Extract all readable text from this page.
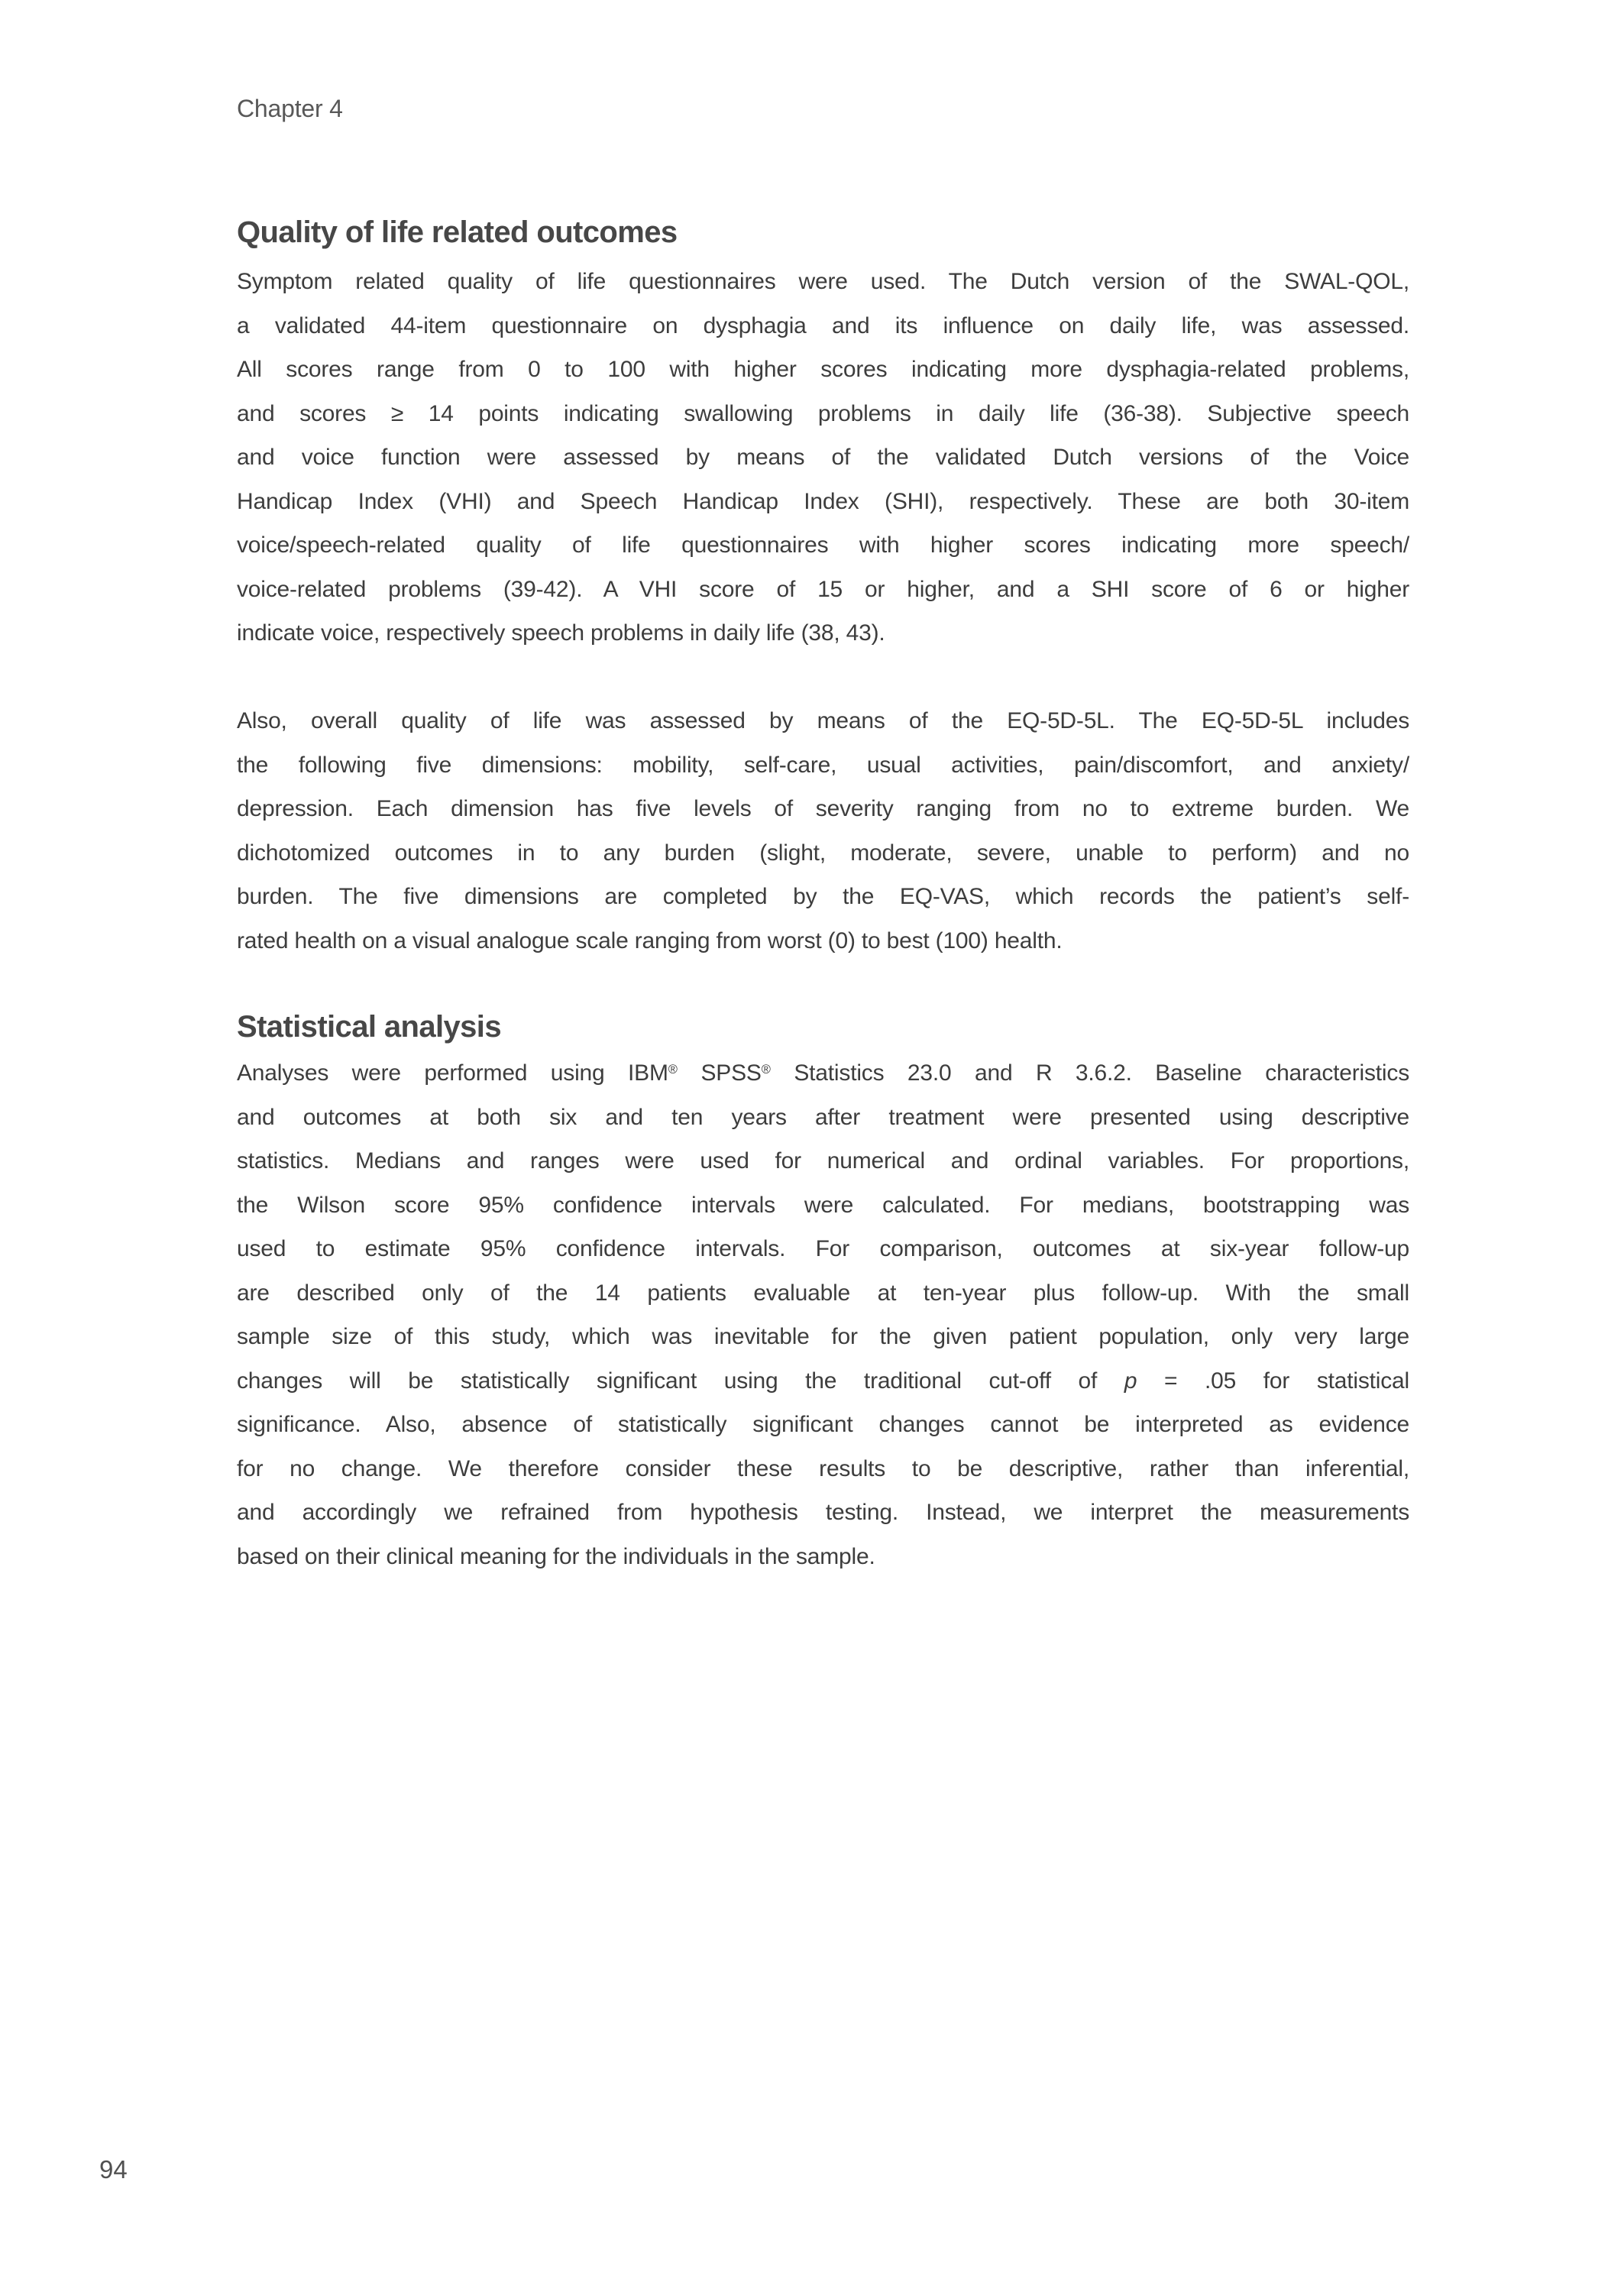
Chapter 4
Quality of life related outcomes
Symptom related quality of life questionnaires were used. The Dutch version of the SWAL-QOL,
a validated 44-item questionnaire on dysphagia and its influence on daily life, was assessed.
All scores range from 0 to 100 with higher scores indicating more dysphagia-related problems,
and scores ≥ 14 points indicating swallowing problems in daily life (36-38). Subjective speech
and voice function were assessed by means of the validated Dutch versions of the Voice
Handicap Index (VHI) and Speech Handicap Index (SHI), respectively. These are both 30-item
voice/speech-related quality of life questionnaires with higher scores indicating more speech/
voice-related problems (39-42). A VHI score of 15 or higher, and a SHI score of 6 or higher
indicate voice, respectively speech problems in daily life (38, 43).
Also, overall quality of life was assessed by means of the EQ-5D-5L. The EQ-5D-5L includes
the following five dimensions: mobility, self-care, usual activities, pain/discomfort, and anxiety/
depression. Each dimension has five levels of severity ranging from no to extreme burden. We
dichotomized outcomes in to any burden (slight, moderate, severe, unable to perform) and no
burden. The five dimensions are completed by the EQ-VAS, which records the patient’s self-
rated health on a visual analogue scale ranging from worst (0) to best (100) health.
Statistical analysis
Analyses were performed using IBM® SPSS® Statistics 23.0 and R 3.6.2. Baseline characteristics
and outcomes at both six and ten years after treatment were presented using descriptive
statistics. Medians and ranges were used for numerical and ordinal variables. For proportions,
the Wilson score 95% confidence intervals were calculated. For medians, bootstrapping was
used to estimate 95% confidence intervals. For comparison, outcomes at six-year follow-up
are described only of the 14 patients evaluable at ten-year plus follow-up. With the small
sample size of this study, which was inevitable for the given patient population, only very large
changes will be statistically significant using the traditional cut-off of p = .05 for statistical
significance. Also, absence of statistically significant changes cannot be interpreted as evidence
for no change. We therefore consider these results to be descriptive, rather than inferential,
and accordingly we refrained from hypothesis testing. Instead, we interpret the measurements
based on their clinical meaning for the individuals in the sample.
94
